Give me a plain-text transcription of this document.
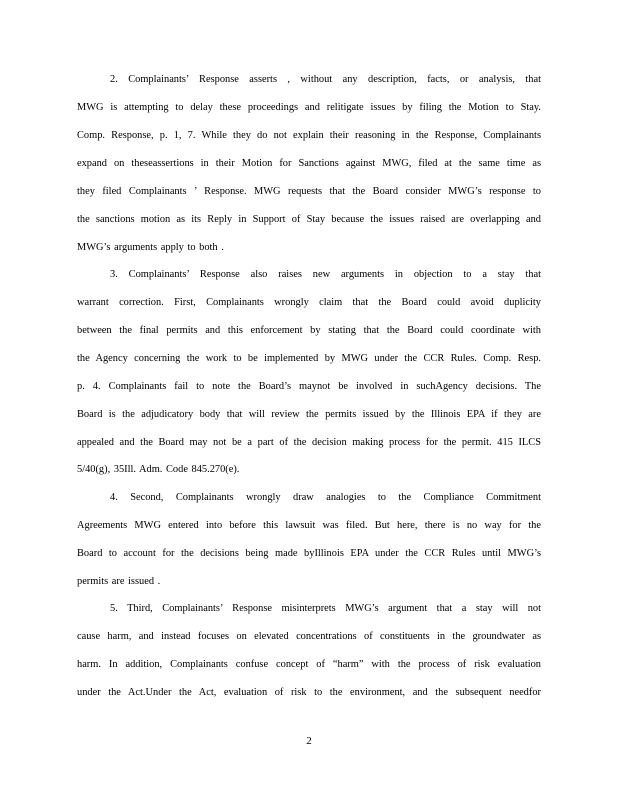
2. Complainants’ Response asserts , without any description, facts, or analysis, that
MWG is attempting to delay these proceedings and relitigate issues by filing the Motion to Stay.
Comp. Response, p. 1, 7. While they do not explain their reasoning in the Response, Complainants
expand on theseassertions in their Motion for Sanctions against MWG, filed at the same time as
they filed Complainants ’ Response. MWG requests that the Board consider MWG’s response to
the sanctions motion as its Reply in Support of Stay because the issues raised are overlapping and
MWG’s arguments apply to both .
3. Complainants’ Response also raises new arguments in objection to a stay that
warrant correction. First, Complainants wrongly claim that the Board could avoid duplicity
between the final permits and this enforcement by stating that the Board could coordinate with
the Agency concerning the work to be implemented by MWG under the CCR Rules. Comp. Resp.
p. 4. Complainants fail to note the Board’s maynot be involved in suchAgency decisions. The
Board is the adjudicatory body that will review the permits issued by the Illinois EPA if they are
appealed and the Board may not be a part of the decision making process for the permit. 415 ILCS
5/40(g), 35Ill. Adm. Code 845.270(e).
4. Second, Complainants wrongly draw analogies to the Compliance Commitment
Agreements MWG entered into before this lawsuit was filed. But here, there is no way for the
Board to account for the decisions being made byIllinois EPA under the CCR Rules until MWG’s
permits are issued .
5. Third, Complainants’ Response misinterprets MWG’s argument that a stay will not
cause harm, and instead focuses on elevated concentrations of constituents in the groundwater as
harm. In addition, Complainants confuse concept of “harm” with the process of risk evaluation
under the Act.Under the Act, evaluation of risk to the environment, and the subsequent needfor
2
